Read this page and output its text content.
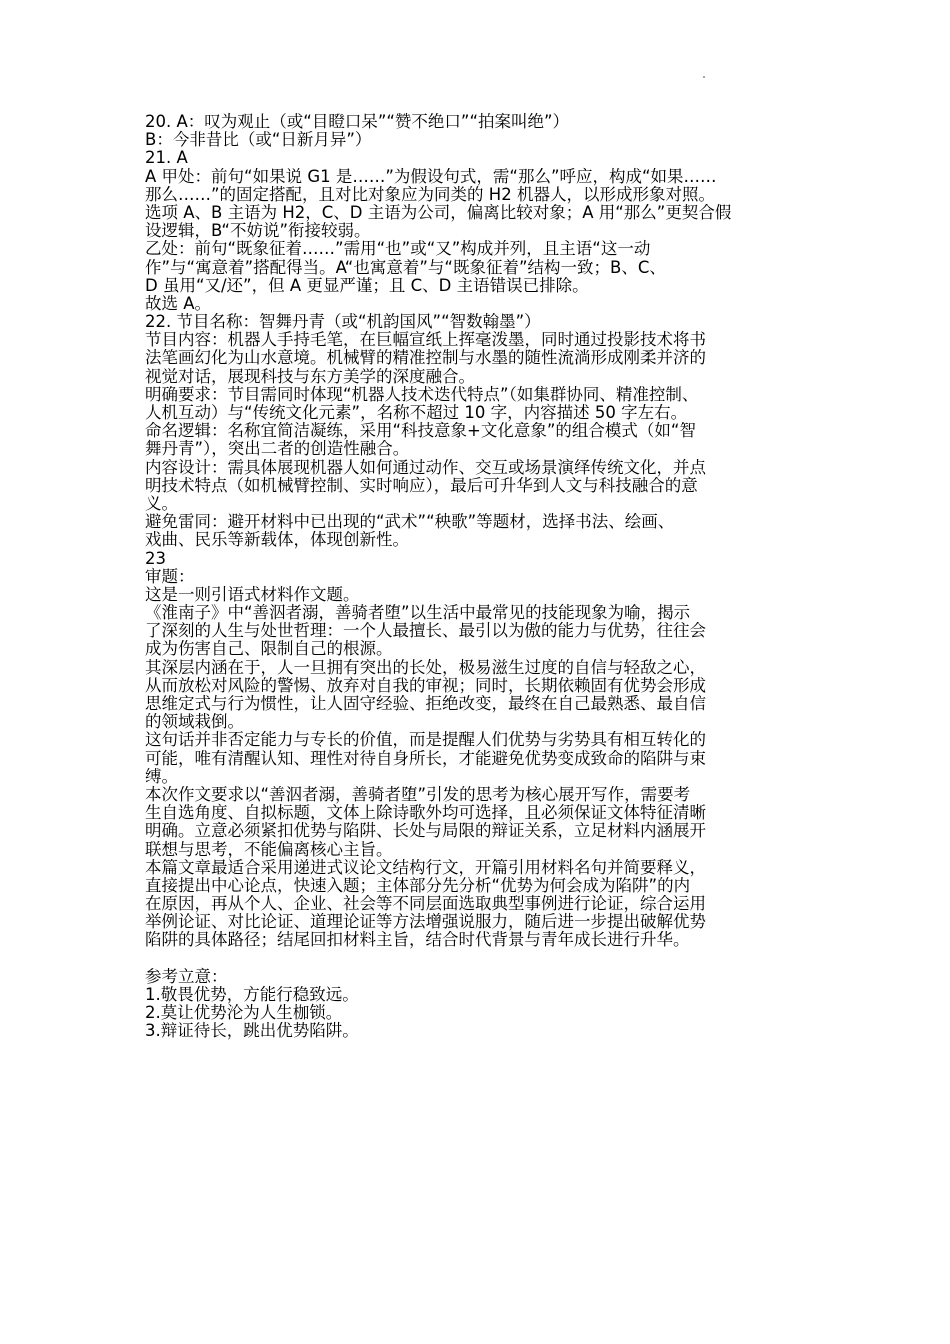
20. A：叹为观止（或“目瞪口呆”“赞不绝口”“拍案叫绝”）
B：今非昔比（或“日新月异”）
21. A
A 甲处：前句“如果说 G1 是……”为假设句式，需“那么”呼应，构成“如果……
那么……”的固定搭配，且对比对象应为同类的 H2 机器人，以形成形象对照。
选项 A、B 主语为 H2，C、D 主语为公司，偏离比较对象；A 用“那么”更契合假
设逻辑，B“不妨说”衔接较弱。
乙处：前句“既象征着……”需用“也”或“又”构成并列，且主语“这一动
作”与“寓意着”搭配得当。A“也寓意着”与“既象征着”结构一致；B、C、
D 虽用“又/还”，但 A 更显严谨；且 C、D 主语错误已排除。
故选 A。
22. 节目名称：智舞丹青（或“机韵国风”“智数翰墨”）
节目内容：机器人手持毛笔，在巨幅宣纸上挥毫泼墨，同时通过投影技术将书
法笔画幻化为山水意境。机械臂的精准控制与水墨的随性流淌形成刚柔并济的
视觉对话，展现科技与东方美学的深度融合。
明确要求：节目需同时体现“机器人技术迭代特点”（如集群协同、精准控制、
人机互动）与“传统文化元素”，名称不超过 10 字，内容描述 50 字左右。
命名逻辑：名称宜简洁凝练，采用“科技意象+文化意象”的组合模式（如“智
舞丹青”），突出二者的创造性融合。
内容设计：需具体展现机器人如何通过动作、交互或场景演绎传统文化，并点
明技术特点（如机械臂控制、实时响应），最后可升华到人文与科技融合的意
义。
避免雷同：避开材料中已出现的“武术”“秧歌”等题材，选择书法、绘画、
戏曲、民乐等新载体，体现创新性。
23
审题：
这是一则引语式材料作文题。
《淮南子》中“善泅者溺，善骑者堕”以生活中最常见的技能现象为喻，揭示
了深刻的人生与处世哲理：一个人最擅长、最引以为傲的能力与优势，往往会
成为伤害自己、限制自己的根源。
其深层内涵在于，人一旦拥有突出的长处，极易滋生过度的自信与轻敌之心，
从而放松对风险的警惕、放弃对自我的审视；同时，长期依赖固有优势会形成
思维定式与行为惯性，让人固守经验、拒绝改变，最终在自己最熟悉、最自信
的领域栽倒。
这句话并非否定能力与专长的价值，而是提醒人们优势与劣势具有相互转化的
可能，唯有清醒认知、理性对待自身所长，才能避免优势变成致命的陷阱与束
缚。
本次作文要求以“善泅者溺，善骑者堕”引发的思考为核心展开写作，需要考
生自选角度、自拟标题，文体上除诗歌外均可选择，且必须保证文体特征清晰
明确。立意必须紧扣优势与陷阱、长处与局限的辩证关系，立足材料内涵展开
联想与思考，不能偏离核心主旨。
本篇文章最适合采用递进式议论文结构行文，开篇引用材料名句并简要释义，
直接提出中心论点，快速入题；主体部分先分析“优势为何会成为陷阱”的内
在原因，再从个人、企业、社会等不同层面选取典型事例进行论证，综合运用
举例论证、对比论证、道理论证等方法增强说服力，随后进一步提出破解优势
陷阱的具体路径；结尾回扣材料主旨，结合时代背景与青年成长进行升华。
参考立意：
1.敬畏优势，方能行稳致远。
2.莫让优势沦为人生枷锁。
3.辩证待长，跳出优势陷阱。
